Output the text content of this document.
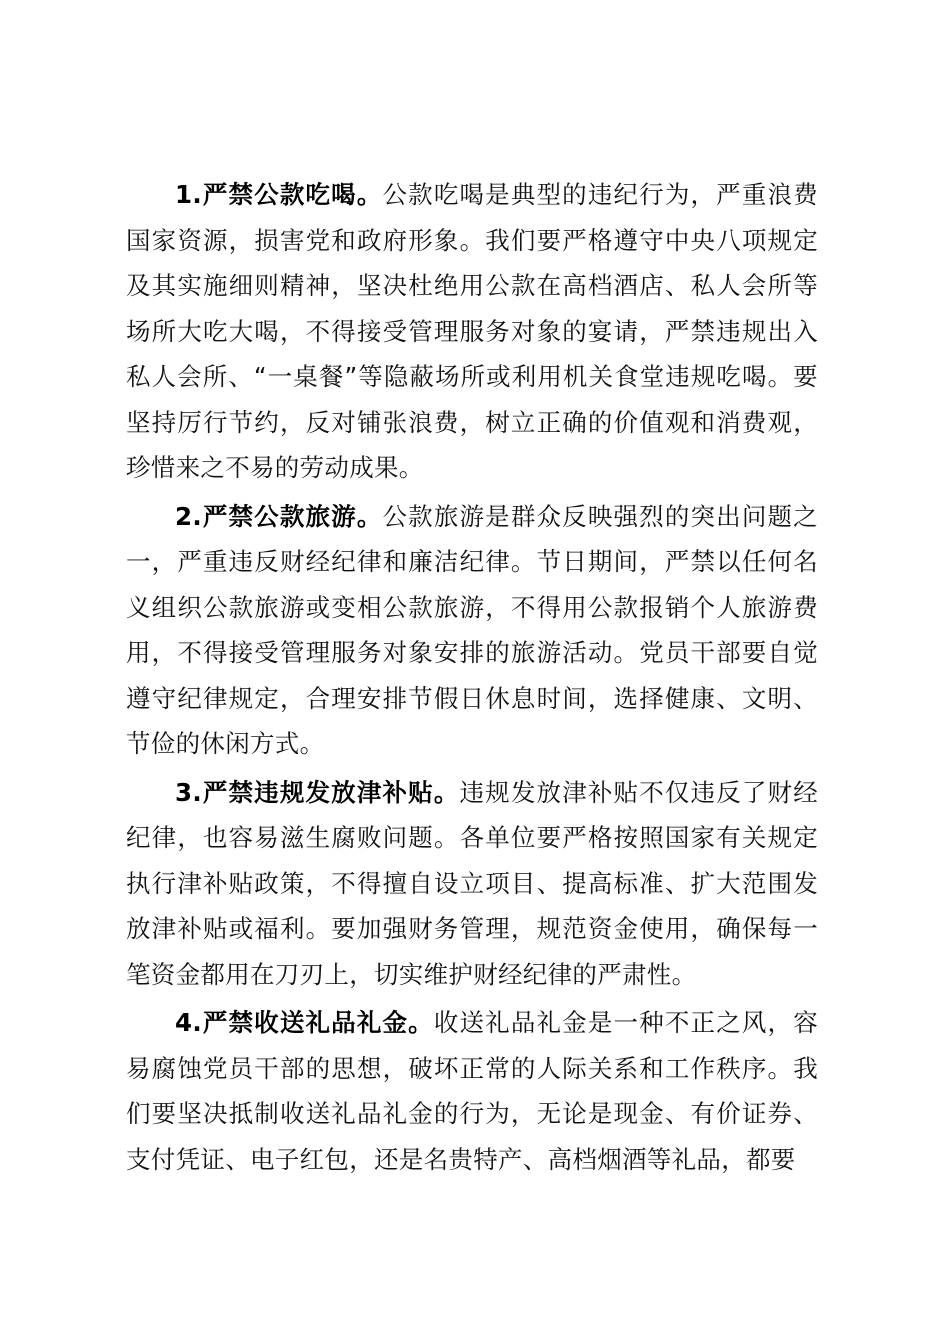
1.严禁公款吃喝。公款吃喝是典型的违纪行为，严重浪费国家资源，损害党和政府形象。我们要严格遵守中央八项规定及其实施细则精神，坚决杜绝用公款在高档酒店、私人会所等场所大吃大喝，不得接受管理服务对象的宴请，严禁违规出入私人会所、“一桌餐”等隐蔽场所或利用机关食堂违规吃喝。要坚持厉行节约，反对铺张浪费，树立正确的价值观和消费观，珍惜来之不易的劳动成果。

2.严禁公款旅游。公款旅游是群众反映强烈的突出问题之一，严重违反财经纪律和廉洁纪律。节日期间，严禁以任何名义组织公款旅游或变相公款旅游，不得用公款报销个人旅游费用，不得接受管理服务对象安排的旅游活动。党员干部要自觉遵守纪律规定，合理安排节假日休息时间，选择健康、文明、节俭的休闲方式。

3.严禁违规发放津补贴。违规发放津补贴不仅违反了财经纪律，也容易滋生腐败问题。各单位要严格按照国家有关规定执行津补贴政策，不得擅自设立项目、提高标准、扩大范围发放津补贴或福利。要加强财务管理，规范资金使用，确保每一笔资金都用在刀刃上，切实维护财经纪律的严肃性。

4.严禁收送礼品礼金。收送礼品礼金是一种不正之风，容易腐蚀党员干部的思想，破坏正常的人际关系和工作秩序。我们要坚决抵制收送礼品礼金的行为，无论是现金、有价证券、支付凭证、电子红包，还是名贵特产、高档烟酒等礼品，都要
